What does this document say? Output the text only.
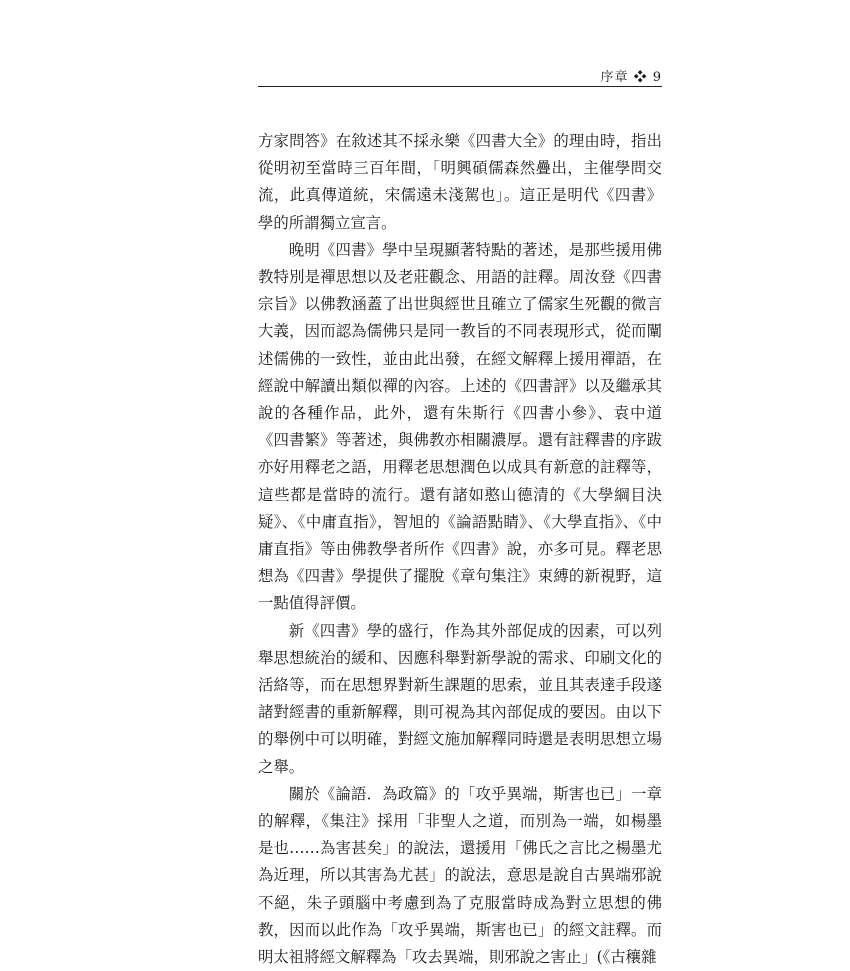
序章 ❖ 9

方家問答》在敘述其不採永樂《四書大全》的理由時，指出從明初至當時三百年間，「明興碩儒森然疊出，主催學問交流，此真傳道統，宋儒遠未淺駕也」。這正是明代《四書》學的所謂獨立宣言。

晚明《四書》學中呈現顯著特點的著述，是那些援用佛教特別是禪思想以及老莊觀念、用語的註釋。周汝登《四書宗旨》以佛教涵蓋了出世與經世且確立了儒家生死觀的微言大義，因而認為儒佛只是同一教旨的不同表現形式，從而闡述儒佛的一致性，並由此出發，在經文解釋上援用禪語，在經說中解讀出類似禪的內容。上述的《四書評》以及繼承其說的各種作品，此外，還有朱斯行《四書小參》、袁中道《四書繁》等著述，與佛教亦相關濃厚。還有註釋書的序跋亦好用釋老之語，用釋老思想潤色以成具有新意的註釋等，這些都是當時的流行。還有諸如憨山德清的《大學綱目決疑》、《中庸直指》，智旭的《論語點睛》、《大學直指》、《中庸直指》等由佛教學者所作《四書》說，亦多可見。釋老思想為《四書》學提供了擺脫《章句集注》束縛的新視野，這一點值得評價。

新《四書》學的盛行，作為其外部促成的因素，可以列舉思想統治的緩和、因應科舉對新學說的需求、印刷文化的活絡等，而在思想界對新生課題的思索，並且其表達手段遂諸對經書的重新解釋，則可視為其內部促成的要因。由以下的舉例中可以明確，對經文施加解釋同時還是表明思想立場之舉。

關於《論語．為政篇》的「攻乎異端，斯害也已」一章的解釋，《集注》採用「非聖人之道，而別為一端，如楊墨是也……為害甚矣」的說法，還援用「佛氏之言比之楊墨尤為近理，所以其害為尤甚」的說法，意思是說自古異端邪說不絕，朱子頭腦中考慮到為了克服當時成為對立思想的佛教，因而以此作為「攻乎異端，斯害也已」的經文註釋。而明太祖將經文解釋為「攻去異端，則邪說之害止」(《古穰雜
